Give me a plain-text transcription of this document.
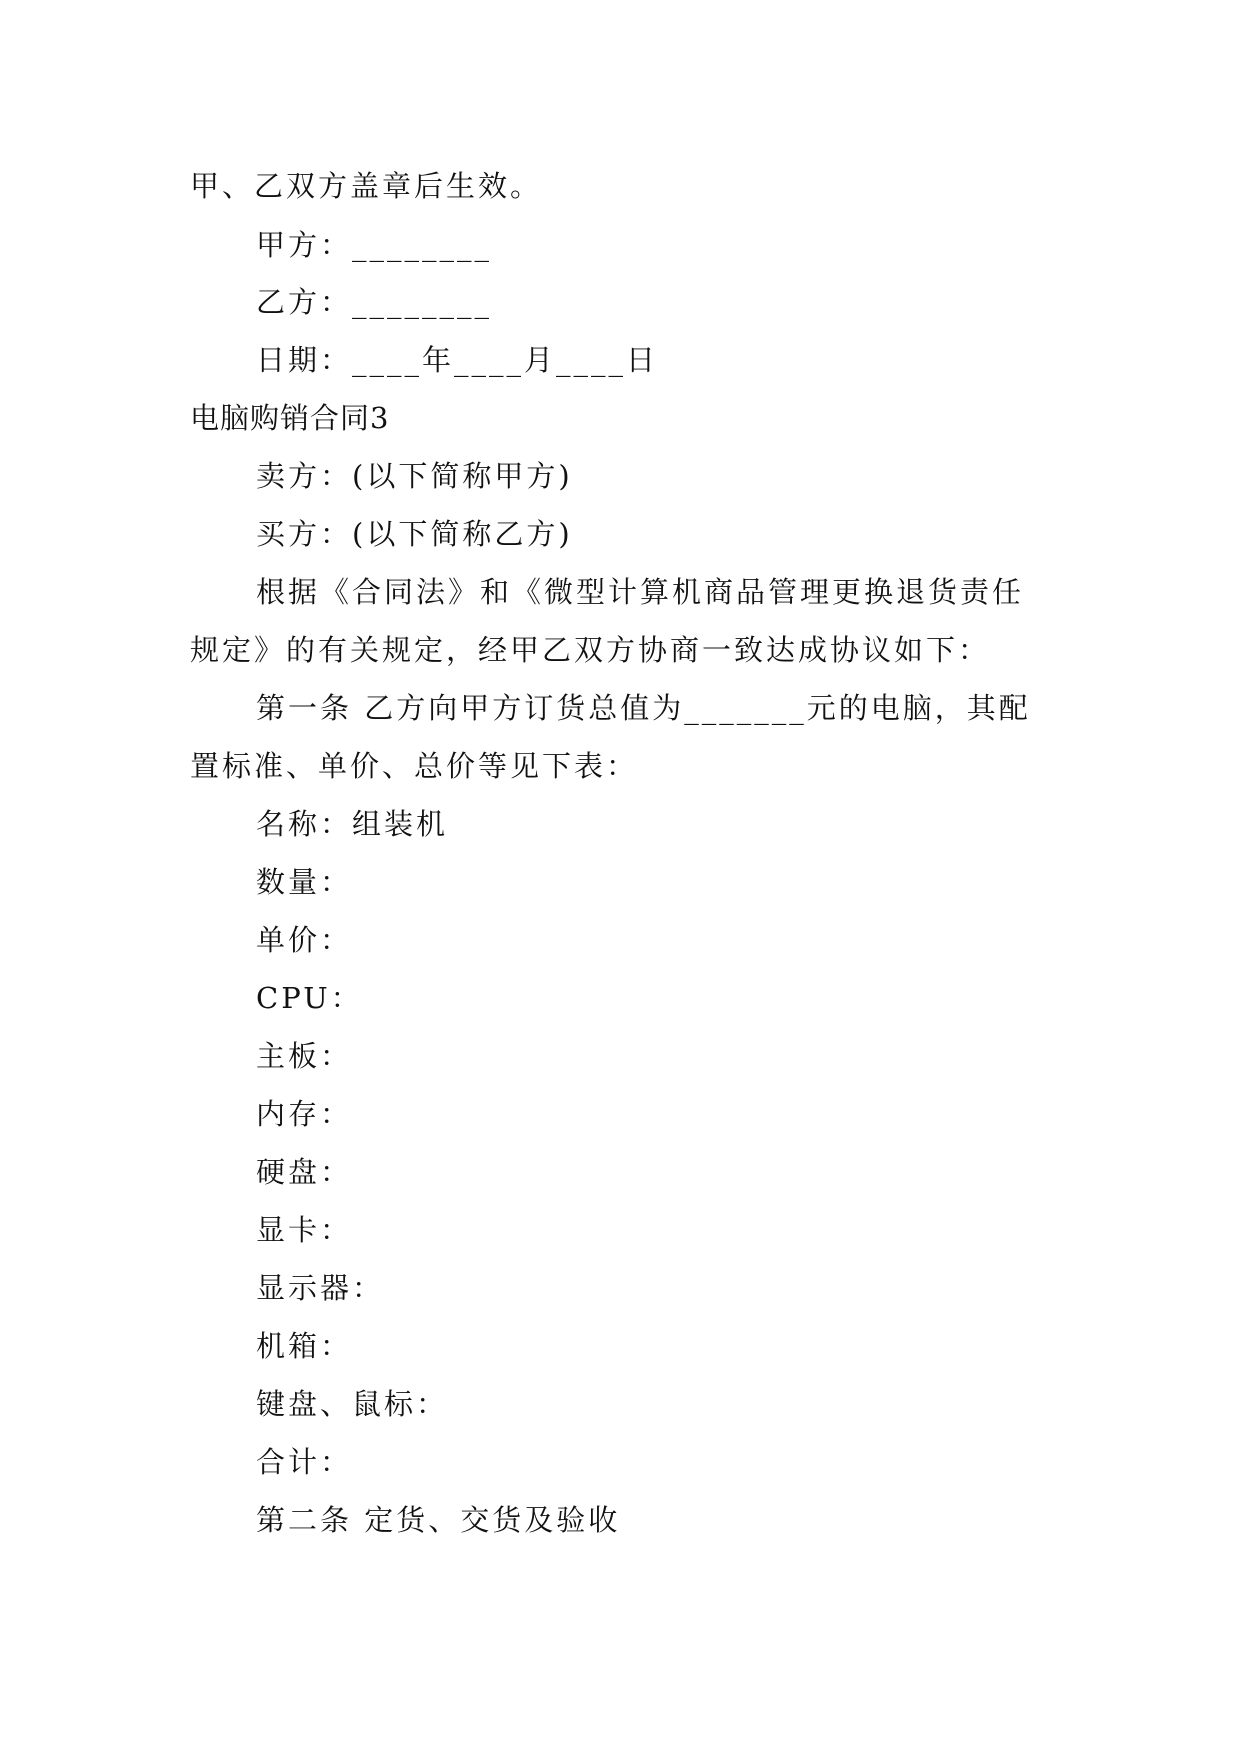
甲、乙双方盖章后生效。
甲方：________
乙方：________
日期：____年____月____日
电脑购销合同3
卖方：(以下简称甲方)
买方：(以下简称乙方)
根据《合同法》和《微型计算机商品管理更换退货责任
规定》的有关规定，经甲乙双方协商一致达成协议如下：
第一条 乙方向甲方订货总值为_______元的电脑，其配
置标准、单价、总价等见下表：
名称：组装机
数量：
单价：
CPU：
主板：
内存：
硬盘：
显卡：
显示器：
机箱：
键盘、鼠标：
合计：
第二条 定货、交货及验收
